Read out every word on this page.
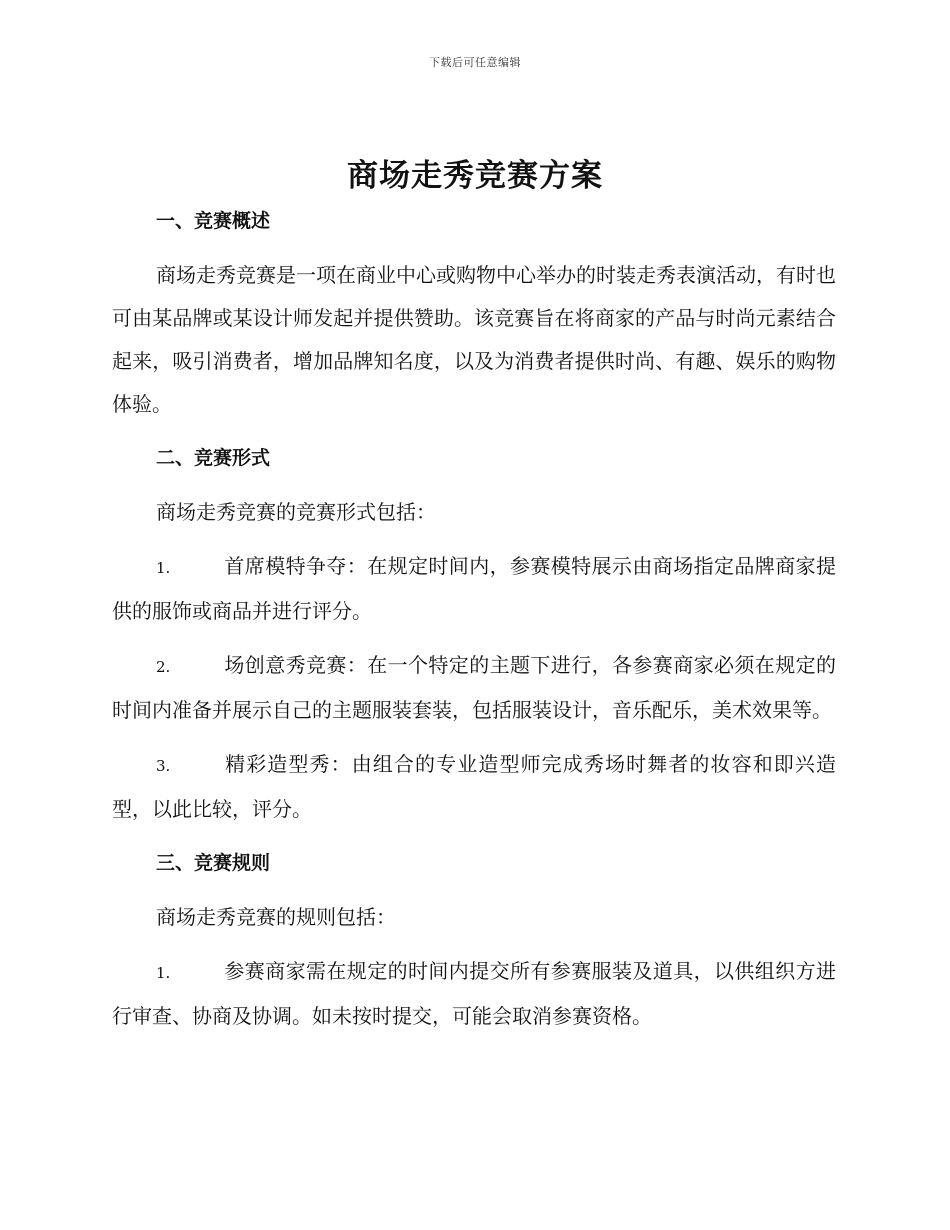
下载后可任意编辑
商场走秀竞赛方案

一、竞赛概述

商场走秀竞赛是一项在商业中心或购物中心举办的时装走秀表演活动，有时也可由某品牌或某设计师发起并提供赞助。该竞赛旨在将商家的产品与时尚元素结合起来，吸引消费者，增加品牌知名度，以及为消费者提供时尚、有趣、娱乐的购物体验。

二、竞赛形式

商场走秀竞赛的竞赛形式包括：

1.	首席模特争夺：在规定时间内，参赛模特展示由商场指定品牌商家提供的服饰或商品并进行评分。

2.	场创意秀竞赛：在一个特定的主题下进行，各参赛商家必须在规定的时间内准备并展示自己的主题服装套装，包括服装设计，音乐配乐，美术效果等。

3.	精彩造型秀：由组合的专业造型师完成秀场时舞者的妆容和即兴造型，以此比较，评分。

三、竞赛规则

商场走秀竞赛的规则包括：

1.	参赛商家需在规定的时间内提交所有参赛服装及道具，以供组织方进行审查、协商及协调。如未按时提交，可能会取消参赛资格。
